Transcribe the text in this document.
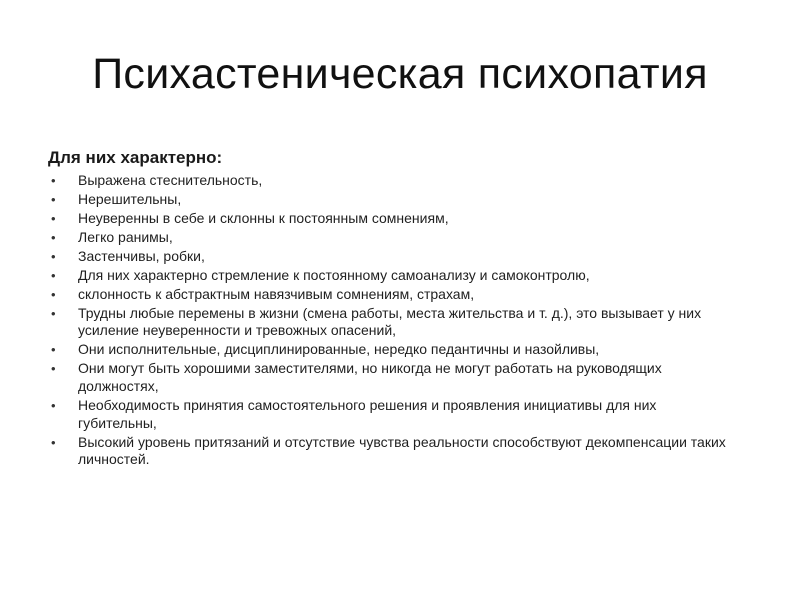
Психастеническая психопатия
Для них характерно:
• Выражена стеснительность,
• Нерешительны,
• Неуверенны в себе и склонны к постоянным сомнениям,
• Легко ранимы,
• Застенчивы, робки,
• Для них характерно стремление к постоянному самоанализу и самоконтролю,
• склонность к абстрактным навязчивым сомнениям, страхам,
• Трудны любые перемены в жизни (смена работы, места жительства и т. д.), это вызывает у них усиление неуверенности и тревожных опасений,
• Они исполнительные, дисциплинированные, нередко педантичны и назойливы,
• Они могут быть хорошими заместителями, но никогда не могут работать на руководящих должностях,
• Необходимость принятия самостоятельного решения и проявления инициативы для них губительны,
• Высокий уровень притязаний и отсутствие чувства реальности способствуют декомпенсации таких личностей.
